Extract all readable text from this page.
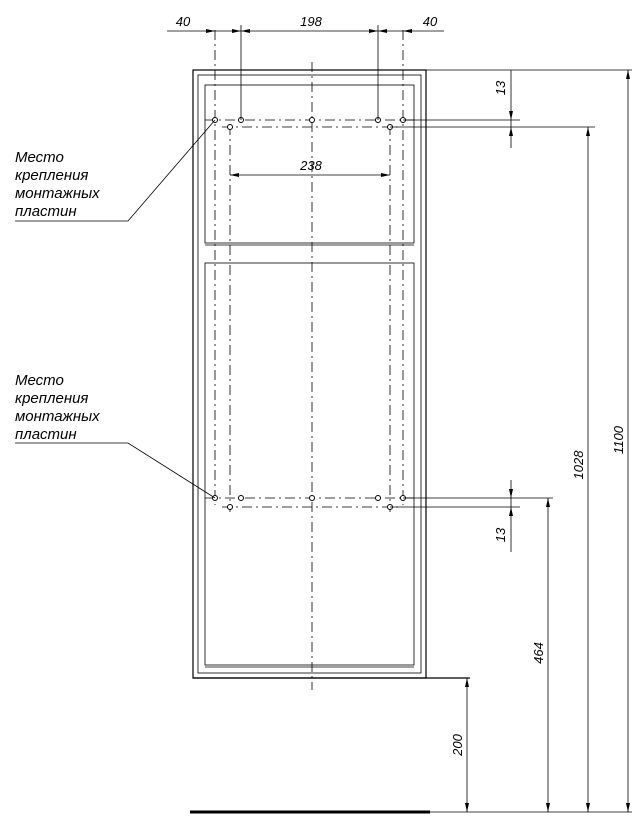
40	198	40
238
13
13
1100
1028
464
200
Место
крепления
монтажных
пластин
Место
крепления
монтажных
пластин
